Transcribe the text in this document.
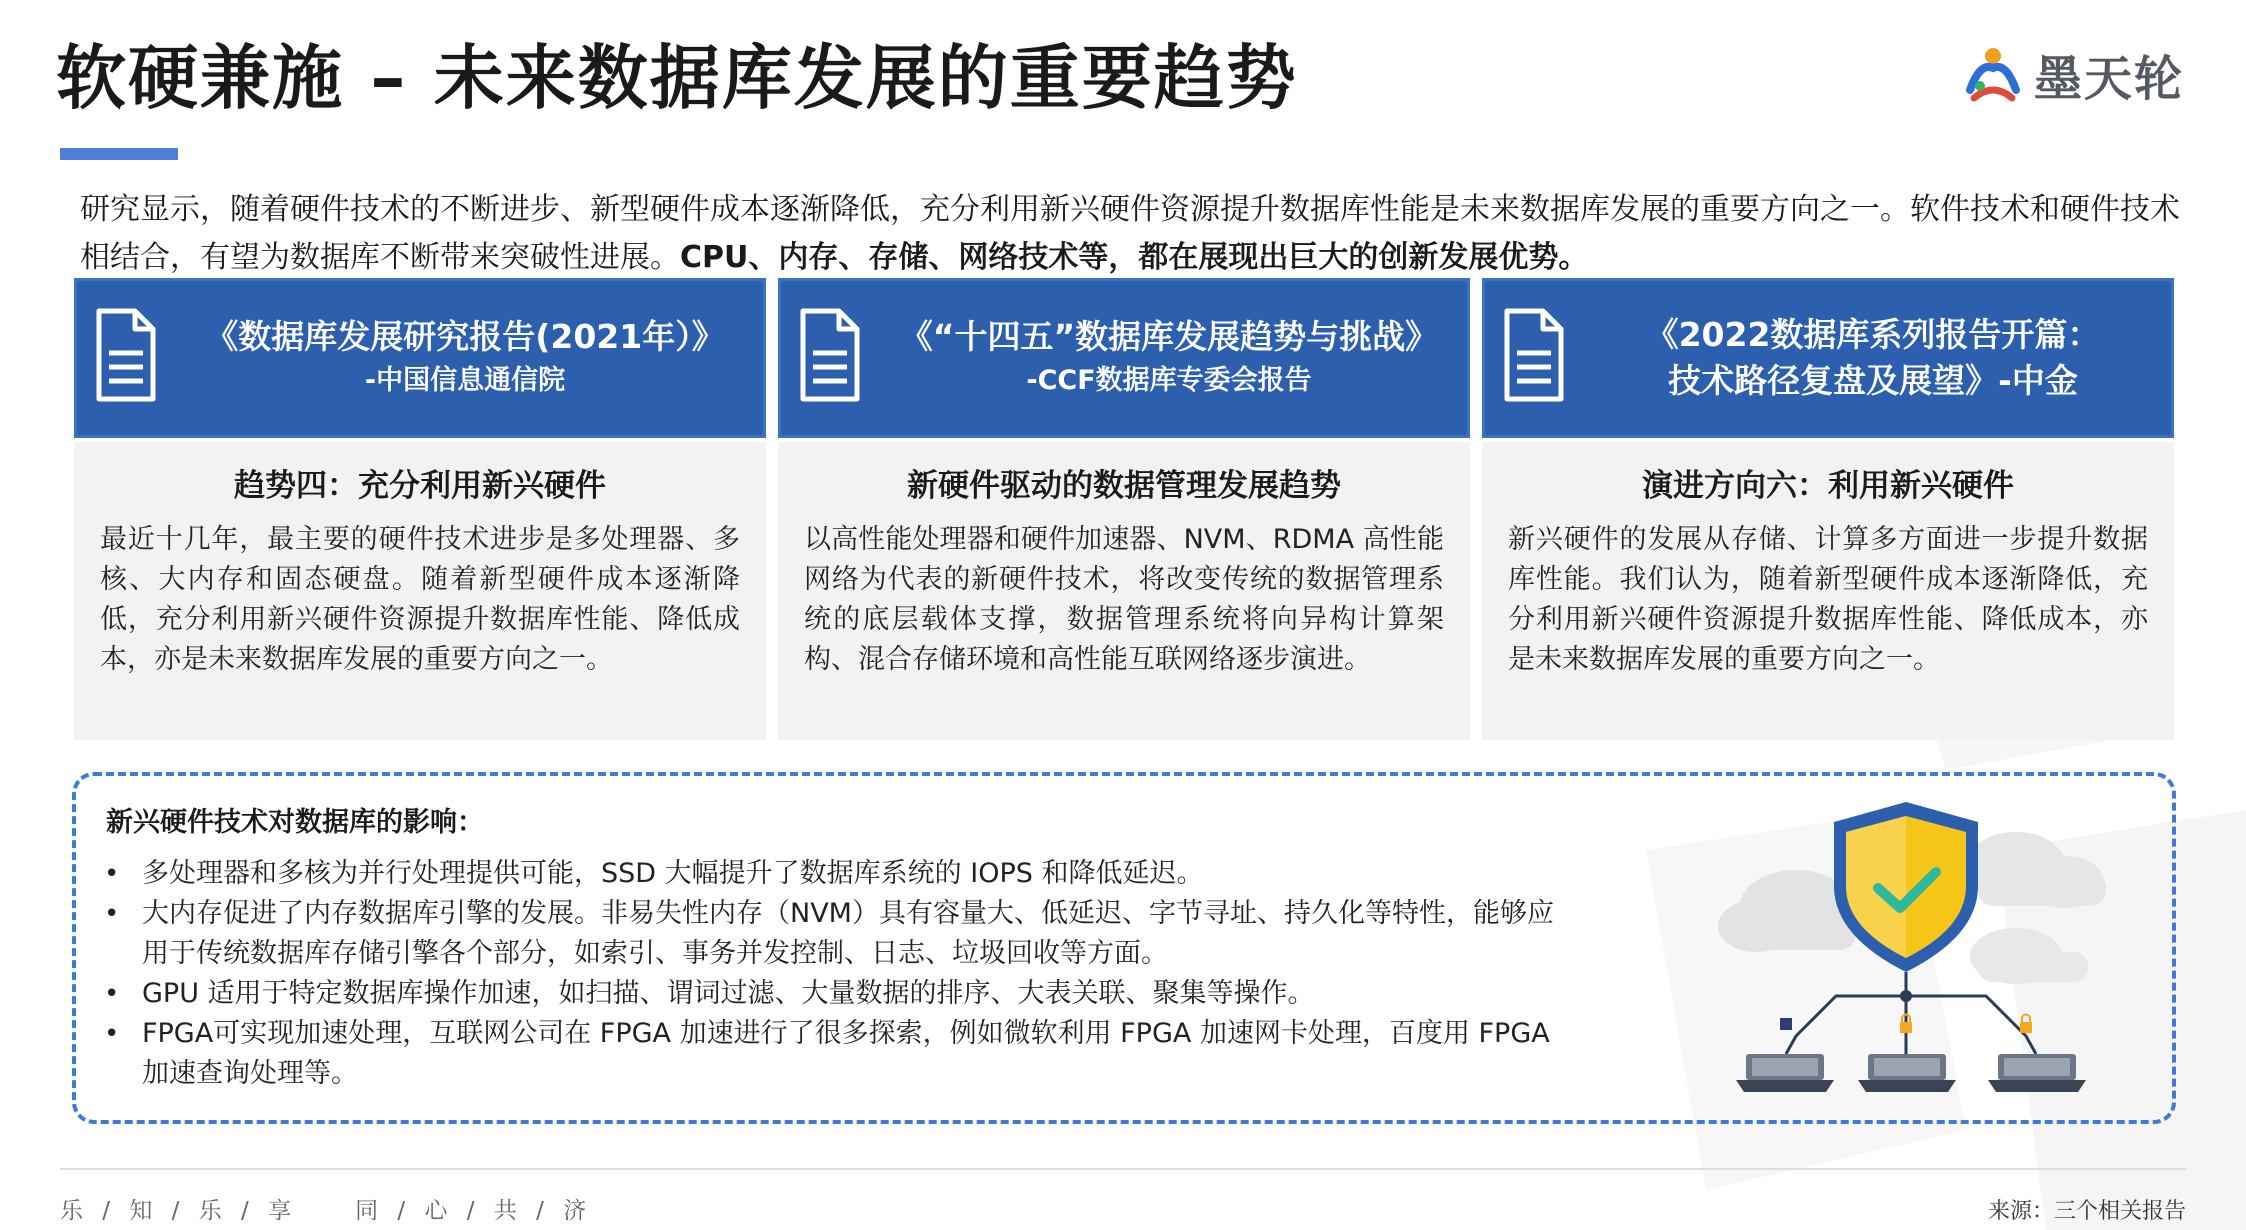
软硬兼施 – 未来数据库发展的重要趋势	墨天轮
研究显示，随着硬件技术的不断进步、新型硬件成本逐渐降低，充分利用新兴硬件资源提升数据库性能是未来数据库发展的重要方向之一。软件技术和硬件技术相结合，有望为数据库不断带来突破性进展。CPU、内存、存储、网络技术等，都在展现出巨大的创新发展优势。
《数据库发展研究报告(2021年）》
-中国信息通信院
趋势四：充分利用新兴硬件
最近十几年，最主要的硬件技术进步是多处理器、多核、大内存和固态硬盘。随着新型硬件成本逐渐降低，充分利用新兴硬件资源提升数据库性能、降低成本，亦是未来数据库发展的重要方向之一。
《“十四五”数据库发展趋势与挑战》
-CCF数据库专委会报告
新硬件驱动的数据管理发展趋势
以高性能处理器和硬件加速器、NVM、RDMA 高性能网络为代表的新硬件技术，将改变传统的数据管理系统的底层载体支撑，数据管理系统将向异构计算架构、混合存储环境和高性能互联网络逐步演进。
《2022数据库系列报告开篇：
技术路径复盘及展望》-中金
演进方向六：利用新兴硬件
新兴硬件的发展从存储、计算多方面进一步提升数据库性能。我们认为，随着新型硬件成本逐渐降低，充分利用新兴硬件资源提升数据库性能、降低成本，亦是未来数据库发展的重要方向之一。
新兴硬件技术对数据库的影响：
• 多处理器和多核为并行处理提供可能，SSD 大幅提升了数据库系统的 IOPS 和降低延迟。
• 大内存促进了内存数据库引擎的发展。非易失性内存（NVM）具有容量大、低延迟、字节寻址、持久化等特性，能够应用于传统数据库存储引擎各个部分，如索引、事务并发控制、日志、垃圾回收等方面。
• GPU 适用于特定数据库操作加速，如扫描、谓词过滤、大量数据的排序、大表关联、聚集等操作。
• FPGA可实现加速处理，互联网公司在 FPGA 加速进行了很多探索，例如微软利用 FPGA 加速网卡处理，百度用 FPGA 加速查询处理等。
乐 / 知 / 乐 / 享　　同 / 心 / 共 / 济	来源：三个相关报告
